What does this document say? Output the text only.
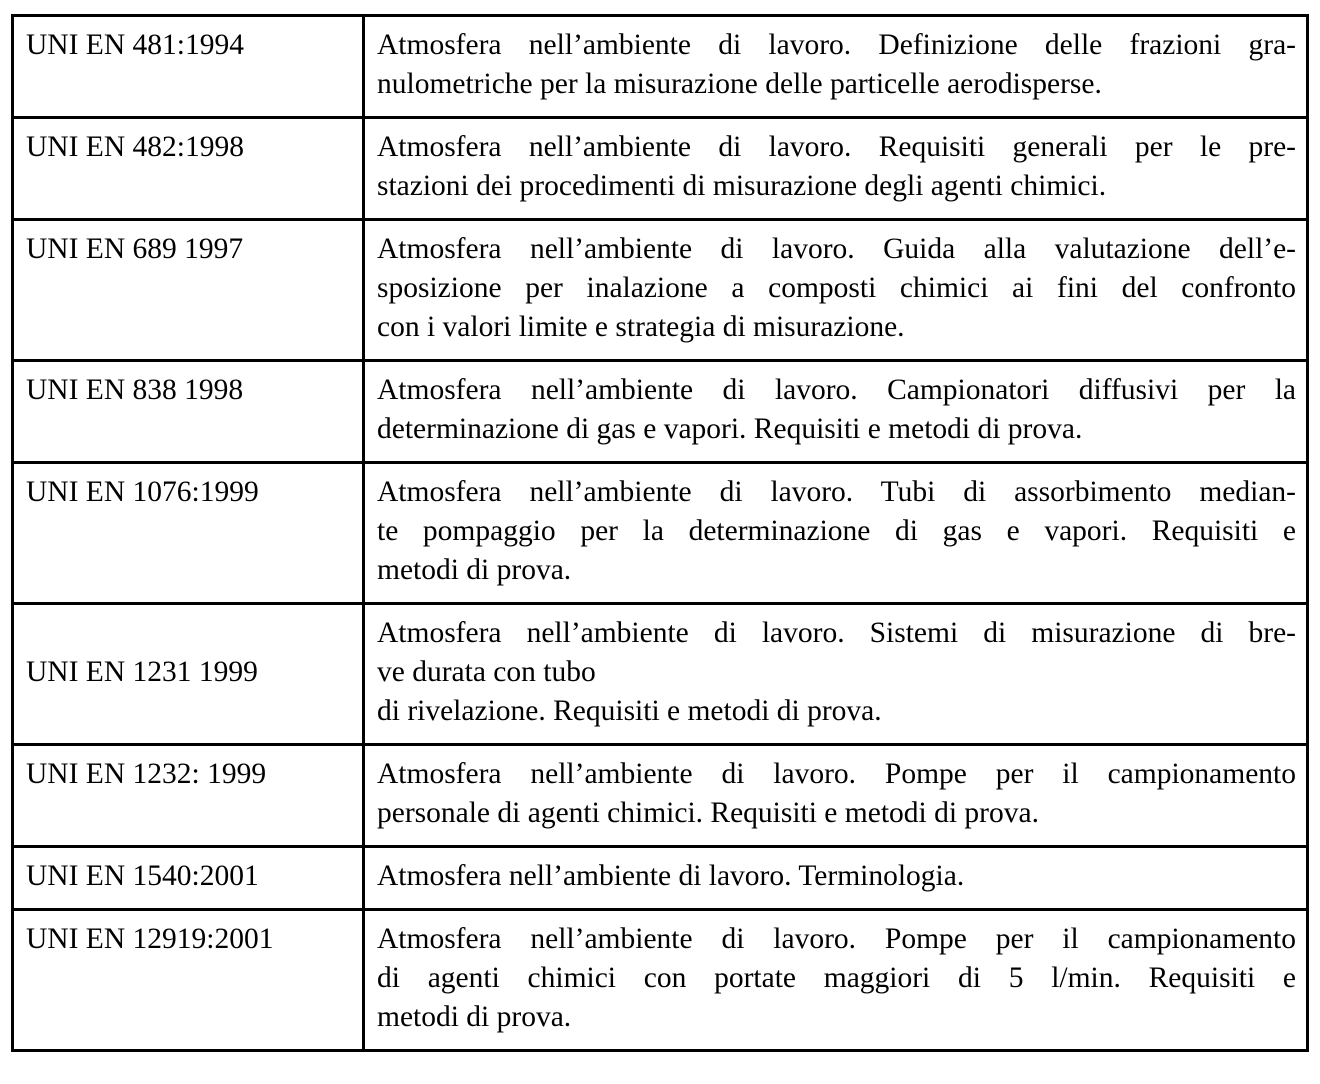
UNI EN 481:1994	Atmosfera nell’ambiente di lavoro. Definizione delle frazioni gra-
nulometriche per la misurazione delle particelle aerodisperse.

UNI EN 482:1998	Atmosfera nell’ambiente di lavoro. Requisiti generali per le pre-
stazioni dei procedimenti di misurazione degli agenti chimici.

UNI EN 689 1997	Atmosfera nell’ambiente di lavoro. Guida alla valutazione dell’e-
sposizione per inalazione a composti chimici ai fini del confronto
con i valori limite e strategia di misurazione.

UNI EN 838 1998	Atmosfera nell’ambiente di lavoro. Campionatori diffusivi per la
determinazione di gas e vapori. Requisiti e metodi di prova.

UNI EN 1076:1999	Atmosfera nell’ambiente di lavoro. Tubi di assorbimento median-
te pompaggio per la determinazione di gas e vapori. Requisiti e
metodi di prova.

UNI EN 1231 1999	Atmosfera nell’ambiente di lavoro. Sistemi di misurazione di bre-
ve durata con tubo
di rivelazione. Requisiti e metodi di prova.

UNI EN 1232: 1999	Atmosfera nell’ambiente di lavoro. Pompe per il campionamento
personale di agenti chimici. Requisiti e metodi di prova.

UNI EN 1540:2001	Atmosfera nell’ambiente di lavoro. Terminologia.

UNI EN 12919:2001	Atmosfera nell’ambiente di lavoro. Pompe per il campionamento
di agenti chimici con portate maggiori di 5 l/min. Requisiti e
metodi di prova.
